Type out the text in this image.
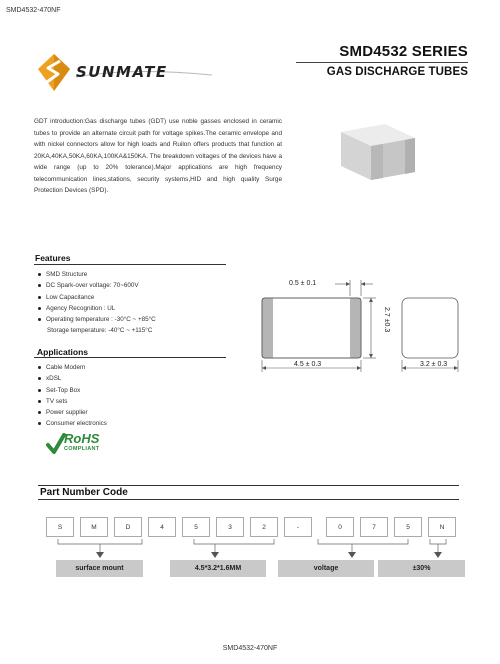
SMD4532-470NF
SMD4532-470NF
SUNMATE
SMD4532 SERIES
GAS DISCHARGE TUBES
GDT introduction:Gas discharge tubes (GDT) use noble gasses enclosed in ceramic tubes to provide an alternate circuit path for voltage spikes.The ceramic envelope and with nickel connectors allow for high loads and Ruilon offers products that function at 20KA,40KA,50KA,60KA,100KA&150KA. The breakdown voltages of the devices have a wide range (up to 20% tolerance).Major applications are high frequency telecommunication lines,stations, security systems,HID and high quality Surge Protection Devices (SPD).
Features
SMD Structure
DC Spark-over voltage: 70~600V
Low Capacitance
Agency Recognition : UL
Operating temperature : -30°C ~ +85°C
Storage temperature: -40°C ~ +115°C
Applications
Cable Modem
xDSL
Set-Top Box
TV sets
Power supplier
Consumer electronics
RoHS
COMPLIANT
0.5 ± 0.1
2.7 ±0.3
4.5 ± 0.3	3.2 ± 0.3
Part Number Code
S	M	D	4	5	3	2	-	0	7	5	N
surface mount	4.5*3.2*1.6MM	voltage	±30%
